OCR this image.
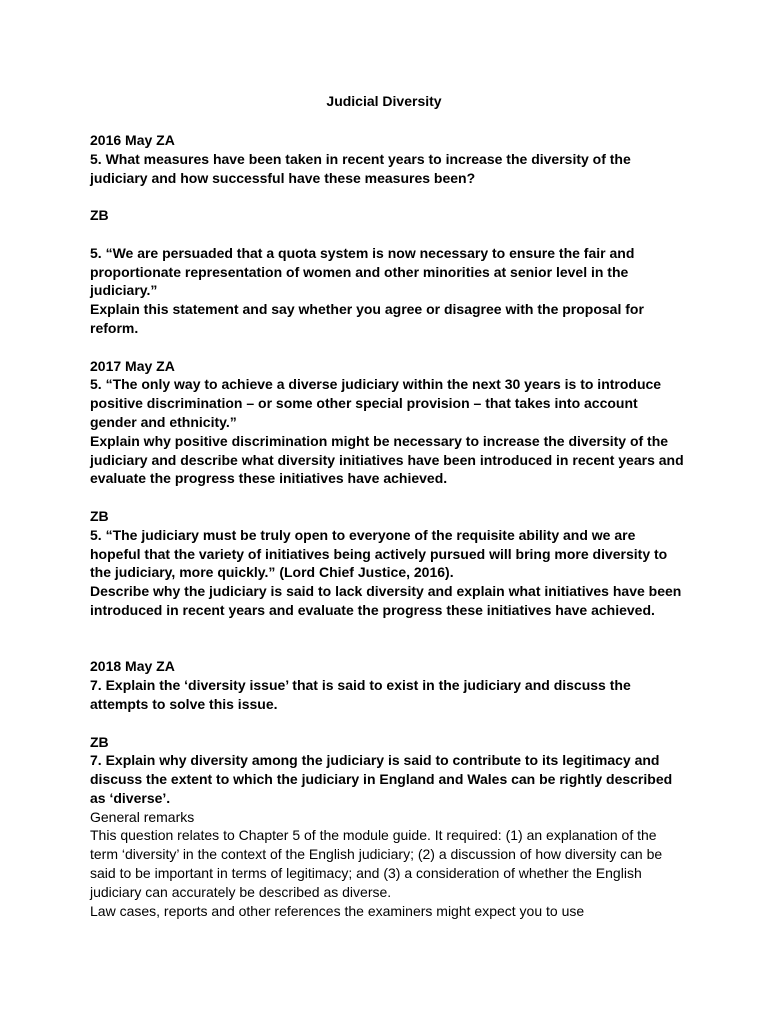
Judicial Diversity
2016 May ZA
5. What measures have been taken in recent years to increase the diversity of the
judiciary and how successful have these measures been?
ZB
5. “We are persuaded that a quota system is now necessary to ensure the fair and
proportionate representation of women and other minorities at senior level in the
judiciary.”
Explain this statement and say whether you agree or disagree with the proposal for
reform.
2017 May ZA
5. “The only way to achieve a diverse judiciary within the next 30 years is to introduce
positive discrimination – or some other special provision – that takes into account
gender and ethnicity.”
Explain why positive discrimination might be necessary to increase the diversity of the
judiciary and describe what diversity initiatives have been introduced in recent years and
evaluate the progress these initiatives have achieved.
ZB
5. “The judiciary must be truly open to everyone of the requisite ability and we are
hopeful that the variety of initiatives being actively pursued will bring more diversity to
the judiciary, more quickly.” (Lord Chief Justice, 2016).
Describe why the judiciary is said to lack diversity and explain what initiatives have been
introduced in recent years and evaluate the progress these initiatives have achieved.
2018 May ZA
7. Explain the ‘diversity issue’ that is said to exist in the judiciary and discuss the
attempts to solve this issue.
ZB
7. Explain why diversity among the judiciary is said to contribute to its legitimacy and
discuss the extent to which the judiciary in England and Wales can be rightly described
as ‘diverse’.
General remarks
This question relates to Chapter 5 of the module guide. It required: (1) an explanation of the
term ‘diversity’ in the context of the English judiciary; (2) a discussion of how diversity can be
said to be important in terms of legitimacy; and (3) a consideration of whether the English
judiciary can accurately be described as diverse.
Law cases, reports and other references the examiners might expect you to use
